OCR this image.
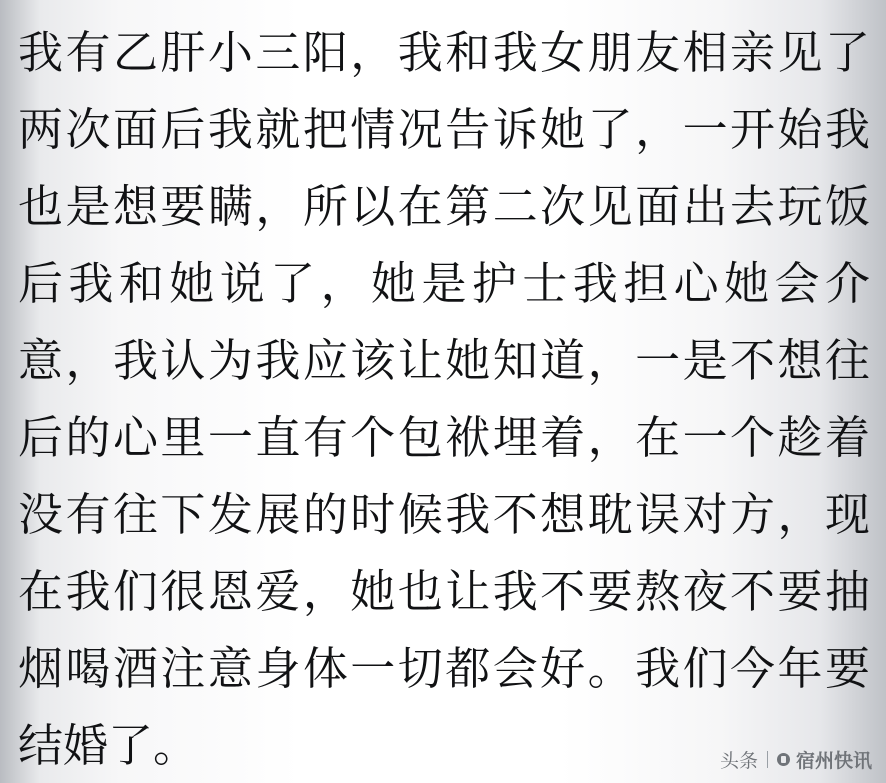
我有乙肝小三阳，我和我女朋友相亲见了两次面后我就把情况告诉她了，一开始我也是想要瞒，所以在第二次见面出去玩饭后我和她说了，她是护士我担心她会介意，我认为我应该让她知道，一是不想往后的心里一直有个包袱埋着，在一个趁着没有往下发展的时候我不想耽误对方，现在我们很恩爱，她也让我不要熬夜不要抽烟喝酒注意身体一切都会好。我们今年要结婚了。	头条 宿州快讯
